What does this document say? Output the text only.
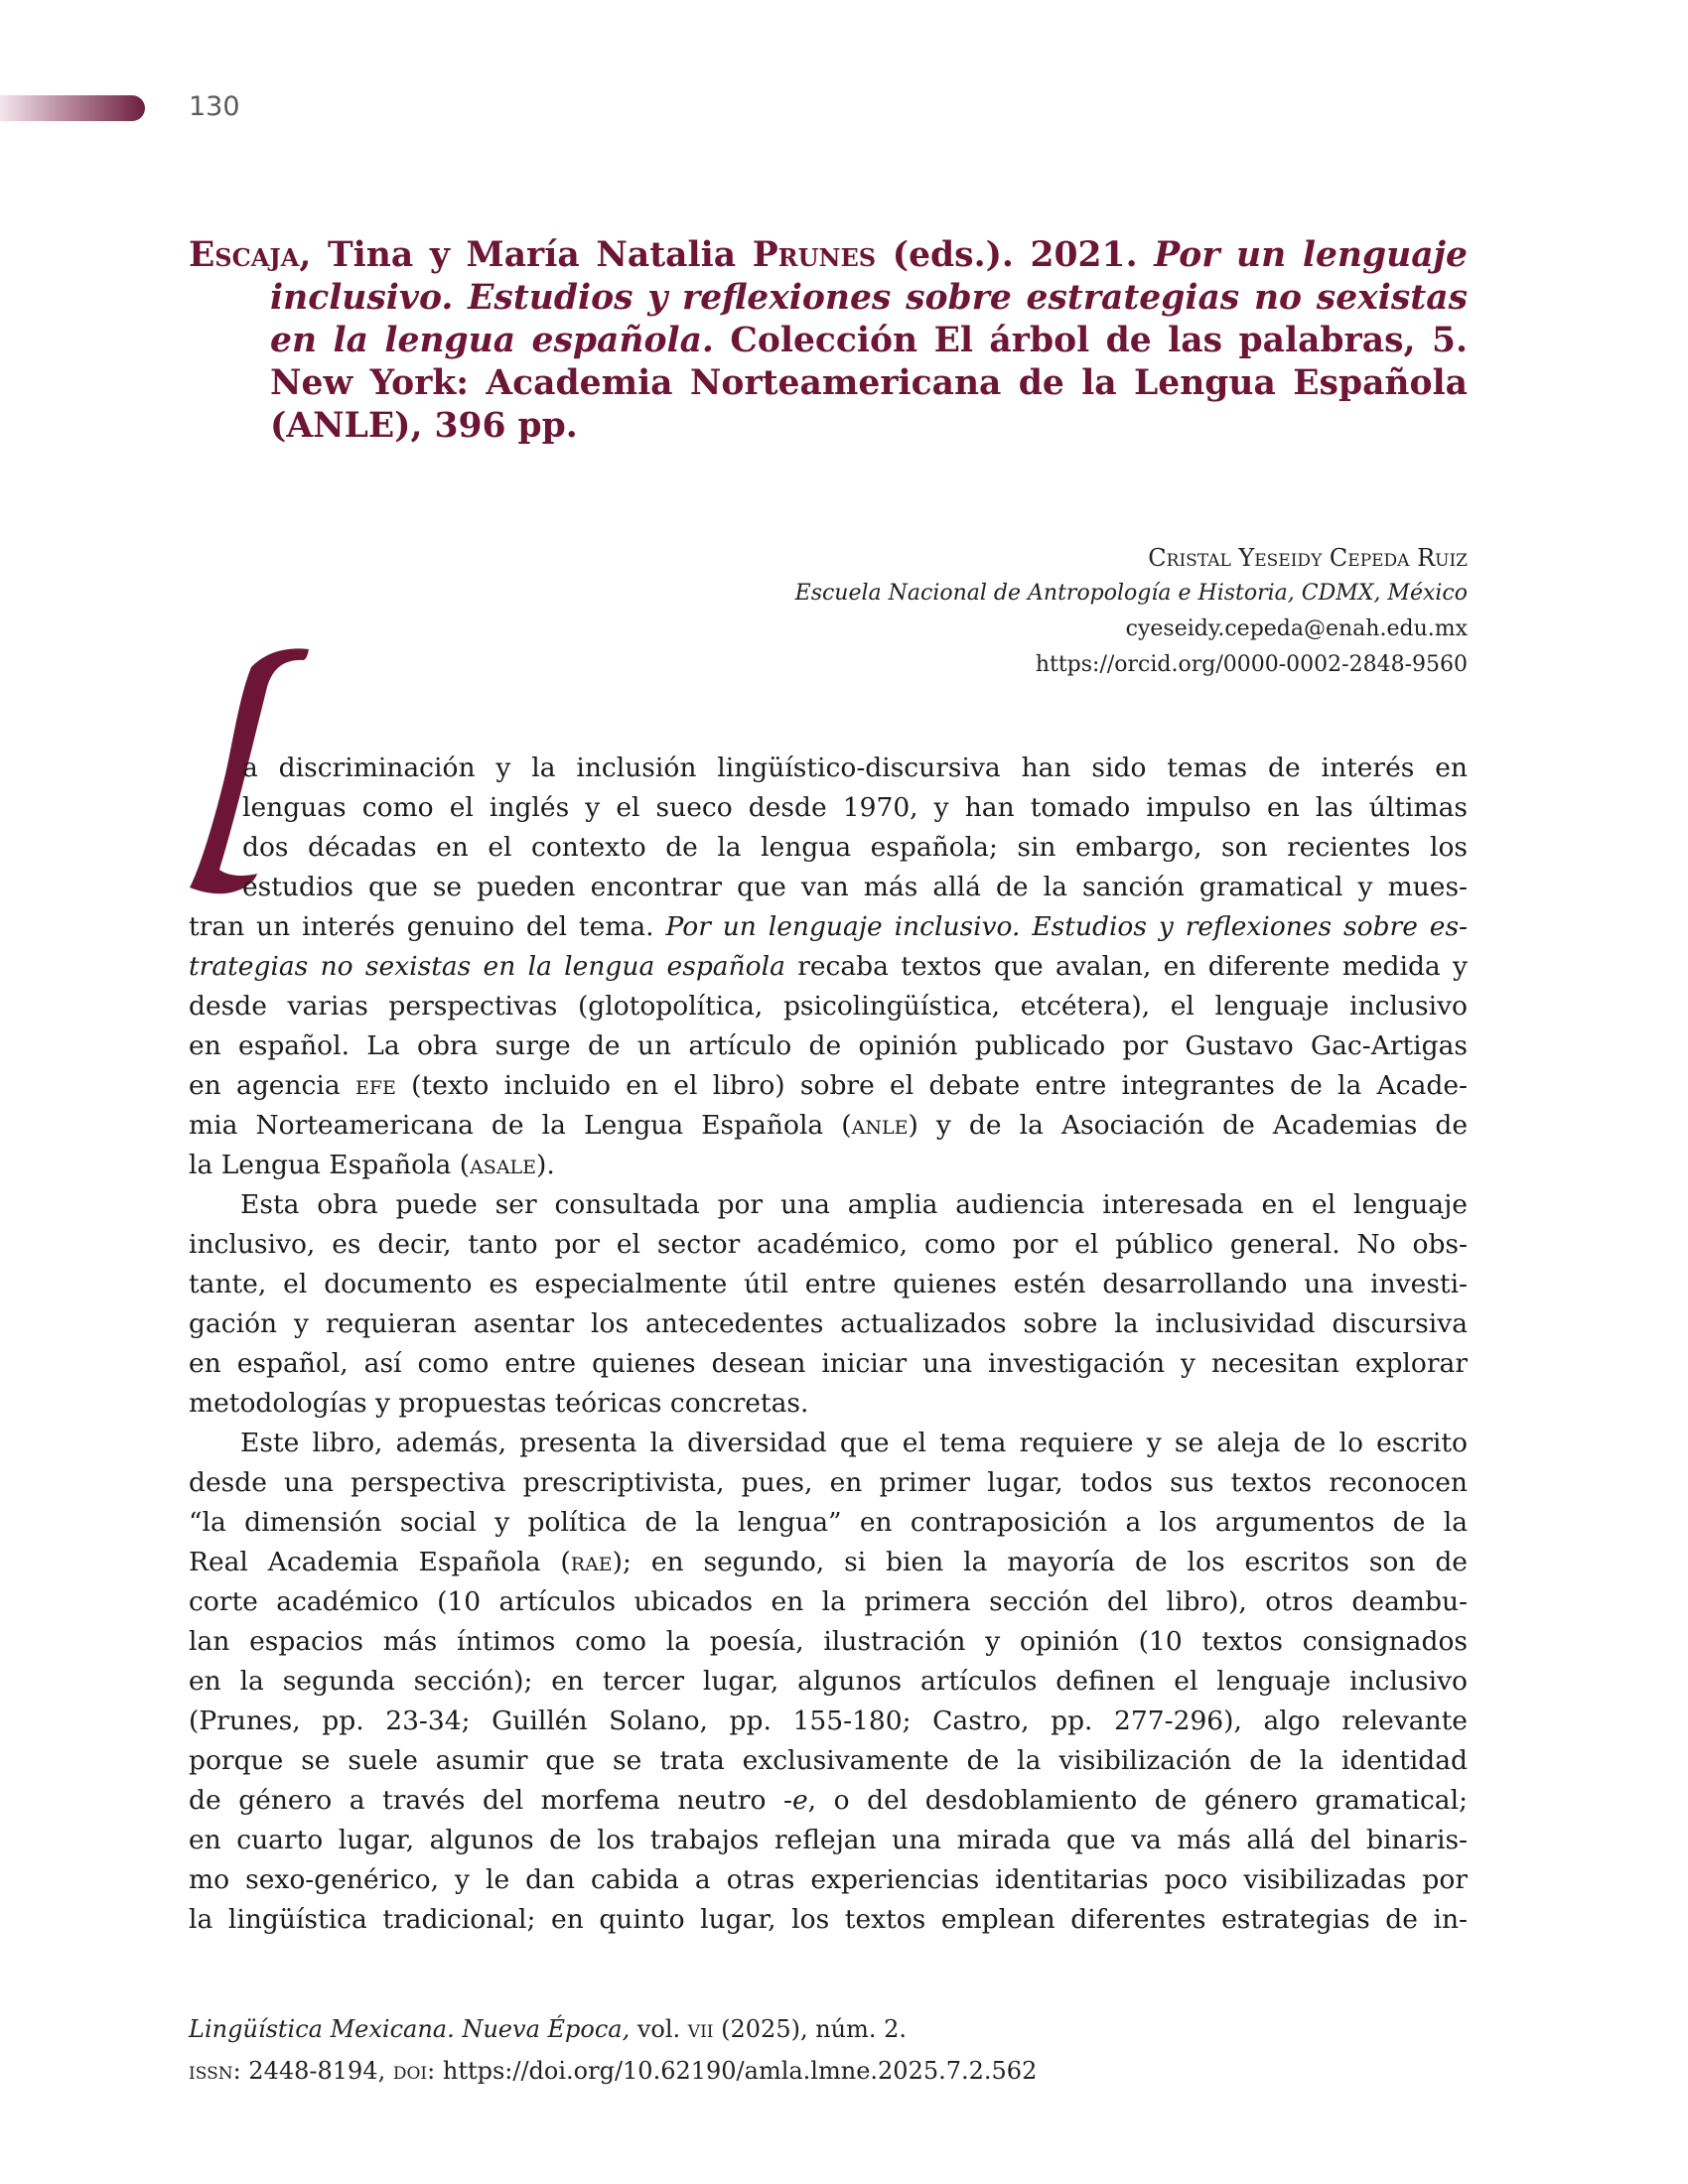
130
Escaja, Tina y María Natalia Prunes (eds.). 2021. Por un lenguaje
inclusivo. Estudios y reflexiones sobre estrategias no sexistas
en la lengua española. Colección El árbol de las palabras, 5.
New York: Academia Norteamericana de la Lengua Española
(ANLE), 396 pp.
Cristal Yeseidy Cepeda Ruiz
Escuela Nacional de Antropología e Historia, CDMX, México
cyeseidy.cepeda@enah.edu.mx
https://orcid.org/0000-0002-2848-9560
L
a discriminación y la inclusión lingüístico-discursiva han sido temas de interés en
lenguas como el inglés y el sueco desde 1970, y han tomado impulso en las últimas
dos décadas en el contexto de la lengua española; sin embargo, son recientes los
estudios que se pueden encontrar que van más allá de la sanción gramatical y mues-
tran un interés genuino del tema. Por un lenguaje inclusivo. Estudios y reflexiones sobre es-
trategias no sexistas en la lengua española recaba textos que avalan, en diferente medida y
desde varias perspectivas (glotopolítica, psicolingüística, etcétera), el lenguaje inclusivo
en español. La obra surge de un artículo de opinión publicado por Gustavo Gac-Artigas
en agencia efe (texto incluido en el libro) sobre el debate entre integrantes de la Acade-
mia Norteamericana de la Lengua Española (anle) y de la Asociación de Academias de
la Lengua Española (asale).
Esta obra puede ser consultada por una amplia audiencia interesada en el lenguaje
inclusivo, es decir, tanto por el sector académico, como por el público general. No obs-
tante, el documento es especialmente útil entre quienes estén desarrollando una investi-
gación y requieran asentar los antecedentes actualizados sobre la inclusividad discursiva
en español, así como entre quienes desean iniciar una investigación y necesitan explorar
metodologías y propuestas teóricas concretas.
Este libro, además, presenta la diversidad que el tema requiere y se aleja de lo escrito
desde una perspectiva prescriptivista, pues, en primer lugar, todos sus textos reconocen
“la dimensión social y política de la lengua” en contraposición a los argumentos de la
Real Academia Española (rae); en segundo, si bien la mayoría de los escritos son de
corte académico (10 artículos ubicados en la primera sección del libro), otros deambu-
lan espacios más íntimos como la poesía, ilustración y opinión (10 textos consignados
en la segunda sección); en tercer lugar, algunos artículos definen el lenguaje inclusivo
(Prunes, pp. 23-34; Guillén Solano, pp. 155-180; Castro, pp. 277-296), algo relevante
porque se suele asumir que se trata exclusivamente de la visibilización de la identidad
de género a través del morfema neutro -e, o del desdoblamiento de género gramatical;
en cuarto lugar, algunos de los trabajos reflejan una mirada que va más allá del binaris-
mo sexo-genérico, y le dan cabida a otras experiencias identitarias poco visibilizadas por
la lingüística tradicional; en quinto lugar, los textos emplean diferentes estrategias de in-
Lingüística Mexicana. Nueva Época, vol. vii (2025), núm. 2.
issn: 2448-8194, doi: https://doi.org/10.62190/amla.lmne.2025.7.2.562
